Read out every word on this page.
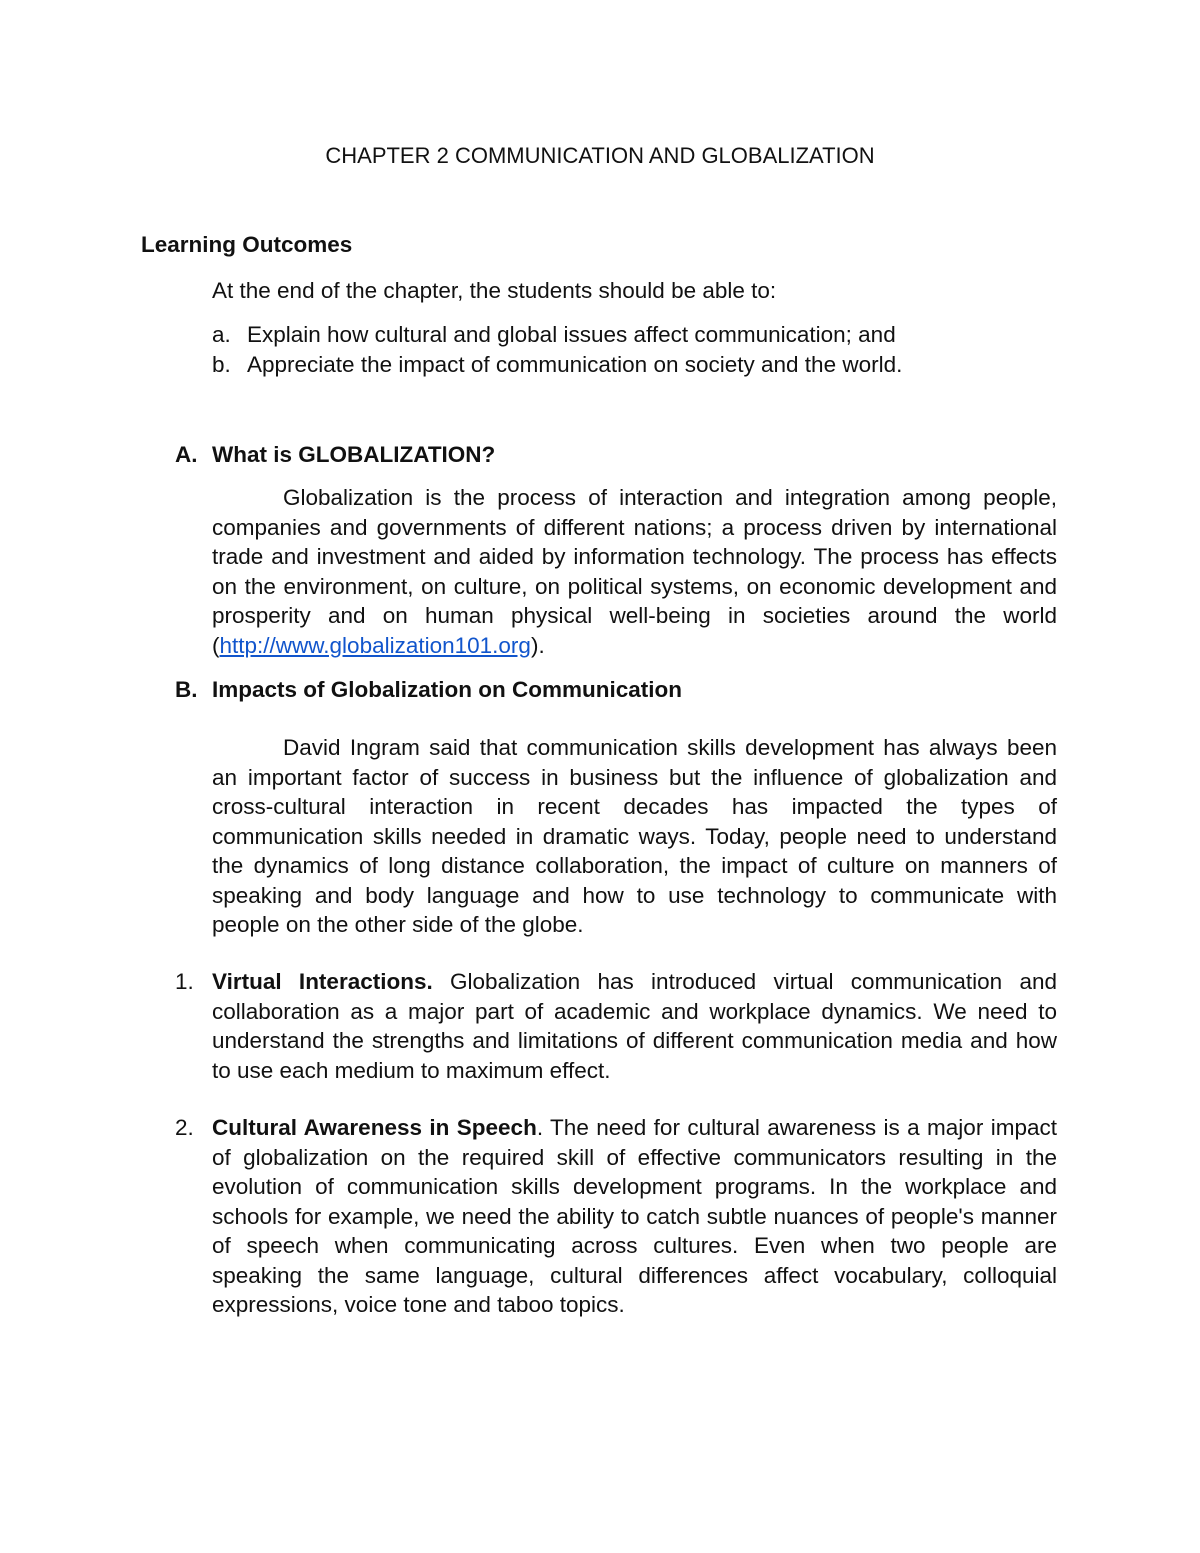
CHAPTER 2 COMMUNICATION AND GLOBALIZATION

Learning Outcomes

At the end of the chapter, the students should be able to:

a. Explain how cultural and global issues affect communication; and
b. Appreciate the impact of communication on society and the world.
A. What is GLOBALIZATION?

Globalization is the process of interaction and integration among people, companies and governments of different nations; a process driven by international trade and investment and aided by information technology. The process has effects on the environment, on culture, on political systems, on economic development and prosperity and on human physical well-being in societies around the world (http://www.globalization101.org).

B. Impacts of Globalization on Communication

David Ingram said that communication skills development has always been an important factor of success in business but the influence of globalization and cross-cultural interaction in recent decades has impacted the types of communication skills needed in dramatic ways. Today, people need to understand the dynamics of long distance collaboration, the impact of culture on manners of speaking and body language and how to use technology to communicate with people on the other side of the globe.

1. Virtual Interactions. Globalization has introduced virtual communication and collaboration as a major part of academic and workplace dynamics. We need to understand the strengths and limitations of different communication media and how to use each medium to maximum effect.

2. Cultural Awareness in Speech. The need for cultural awareness is a major impact of globalization on the required skill of effective communicators resulting in the evolution of communication skills development programs. In the workplace and schools for example, we need the ability to catch subtle nuances of people's manner of speech when communicating across cultures. Even when two people are speaking the same language, cultural differences affect vocabulary, colloquial expressions, voice tone and taboo topics.
